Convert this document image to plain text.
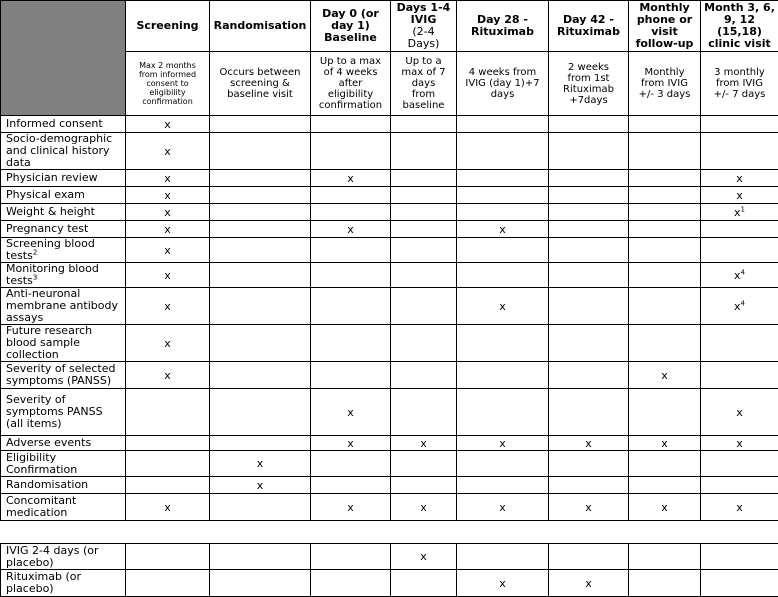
	Screening	Randomisation	Day 0 (or
day 1)
Baseline	Days 1-4
IVIG
(2-4
Days)	Day 28 -
Rituximab	Day 42 -
Rituximab	Monthly
phone or
visit
follow-up	Month 3, 6,
9, 12
(15,18)
clinic visit
	Max 2 months
from informed
consent to
eligibility
confirmation	Occurs between
screening &
baseline visit	Up to a max
of 4 weeks
after
eligibility
confirmation	Up to a
max of 7
days
from
baseline	4 weeks from
IVIG (day 1)+7
days	2 weeks
from 1st
Rituximab
+7days	Monthly
from IVIG
+/- 3 days	3 monthly
from IVIG
+/- 7 days
Informed consent	x							
Socio-demographic
and clinical history
data	x							
Physician review	x		x					x
Physical exam	x							x
Weight & height	x							$x^1$
Pregnancy test	x		x		x			
Screening blood
tests$^2$	x							
Monitoring blood
tests$^3$	x							$x^4$
Anti-neuronal
membrane antibody
assays	x				x			$x^4$
Future research
blood sample
collection	x							
Severity of selected
symptoms (PANSS)	x						x	
Severity of
symptoms PANSS
(all items)			x					x
Adverse events			x	x	x	x	x	x
Eligibility
Confirmation		x						
Randomisation		x						
Concomitant
medication	x		x	x	x	x	x	x
IVIG 2-4 days (or
placebo)				x				
Rituximab (or
placebo)					x	x		
